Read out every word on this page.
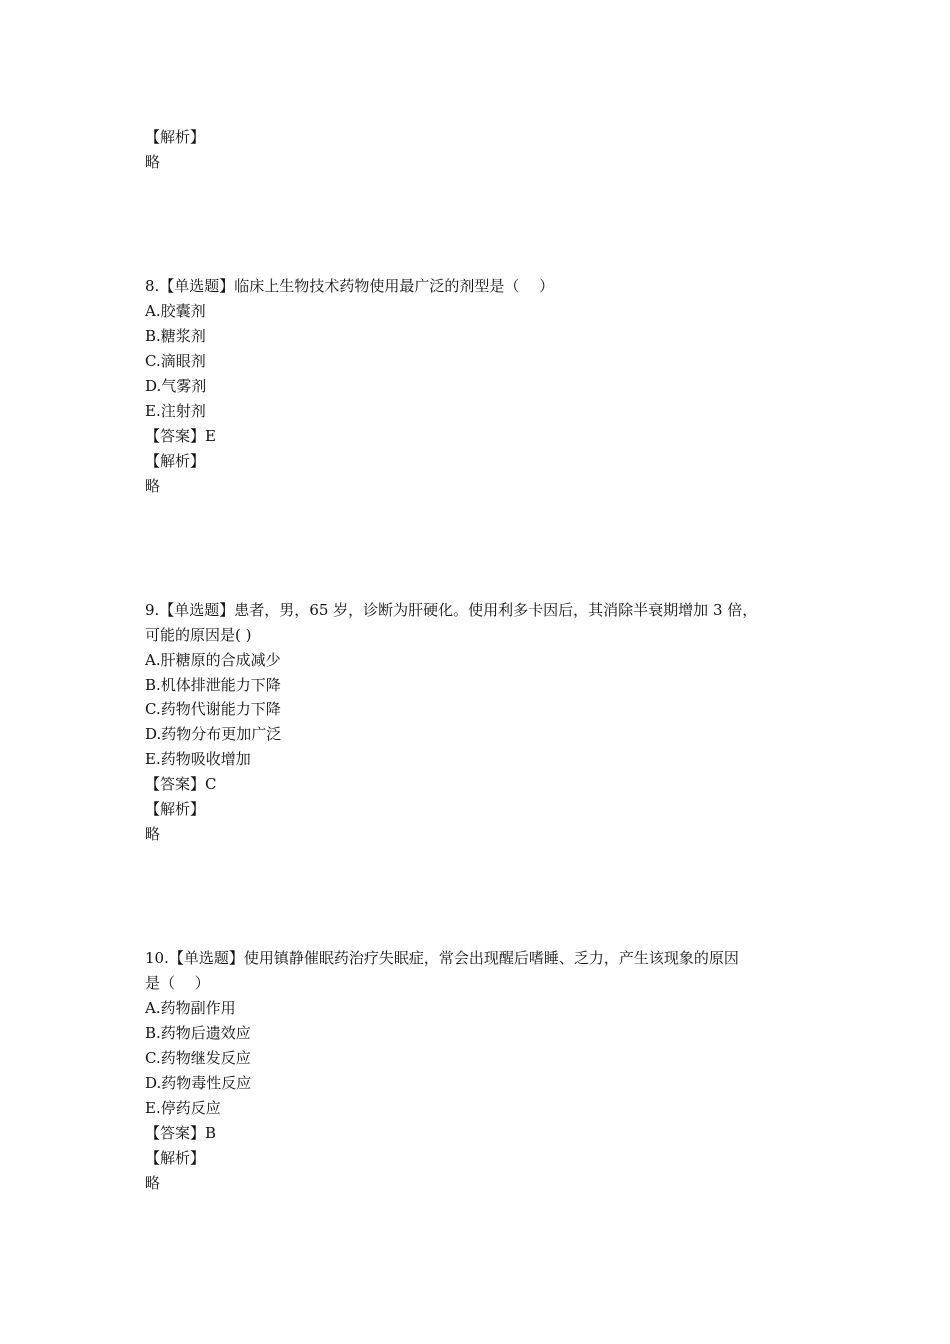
【解析】
略
8.【单选题】临床上生物技术药物使用最广泛的剂型是（　 ）
A.胶囊剂
B.糖浆剂
C.滴眼剂
D.气雾剂
E.注射剂
【答案】E
【解析】
略
9.【单选题】患者，男，65 岁，诊断为肝硬化。使用利多卡因后，其消除半衰期增加 3 倍，
可能的原因是( )
A.肝糖原的合成减少
B.机体排泄能力下降
C.药物代谢能力下降
D.药物分布更加广泛
E.药物吸收增加
【答案】C
【解析】
略
10.【单选题】使用镇静催眠药治疗失眠症，常会出现醒后嗜睡、乏力，产生该现象的原因
是（　 ）
A.药物副作用
B.药物后遗效应
C.药物继发反应
D.药物毒性反应
E.停药反应
【答案】B
【解析】
略
